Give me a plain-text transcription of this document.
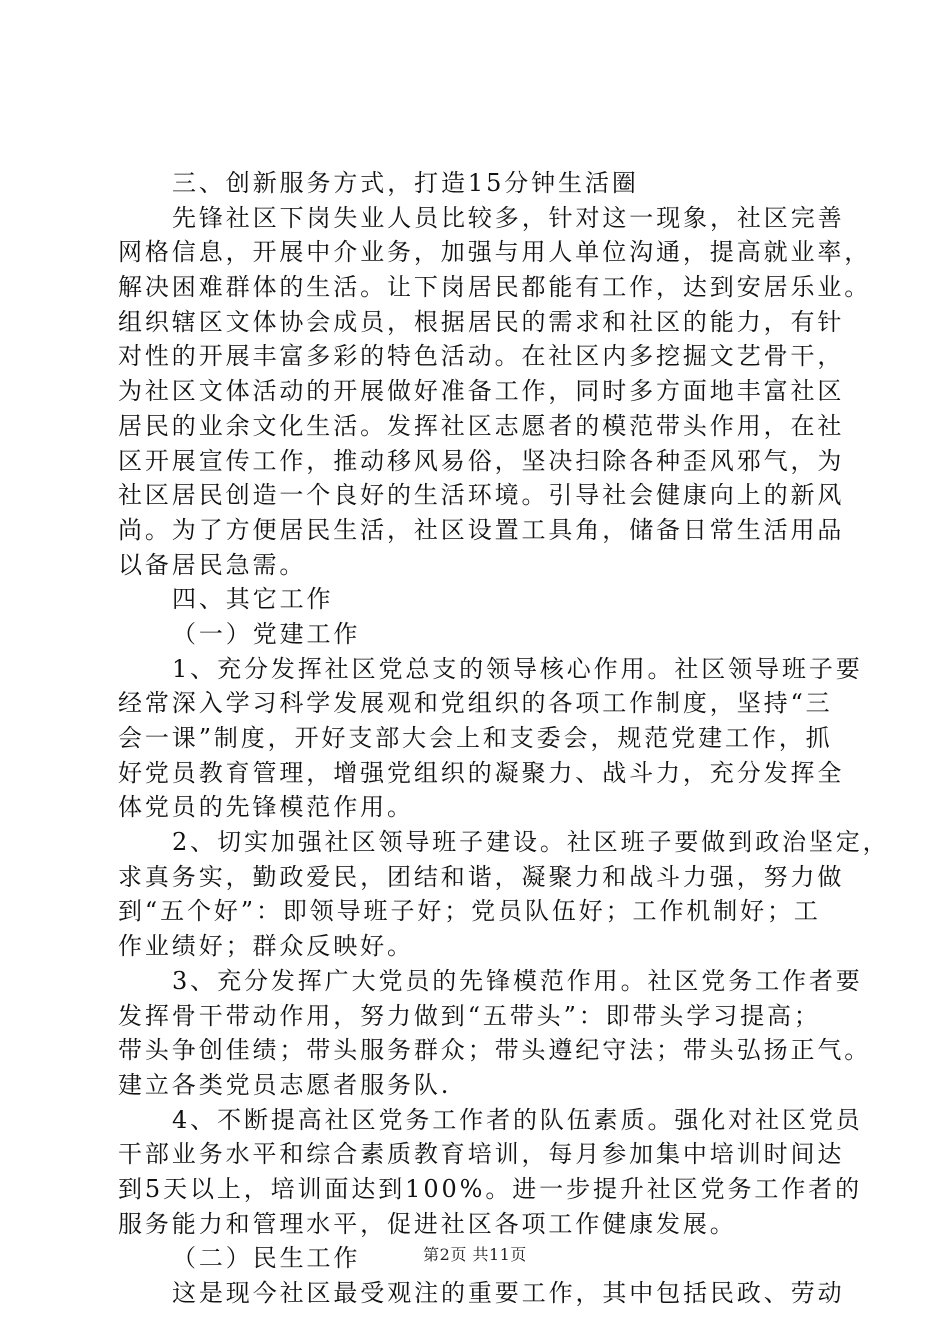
三、创新服务方式，打造15分钟生活圈
先锋社区下岗失业人员比较多，针对这一现象，社区完善
网格信息，开展中介业务，加强与用人单位沟通，提高就业率，
解决困难群体的生活。让下岗居民都能有工作，达到安居乐业。
组织辖区文体协会成员，根据居民的需求和社区的能力，有针
对性的开展丰富多彩的特色活动。在社区内多挖掘文艺骨干，
为社区文体活动的开展做好准备工作，同时多方面地丰富社区
居民的业余文化生活。发挥社区志愿者的模范带头作用，在社
区开展宣传工作，推动移风易俗，坚决扫除各种歪风邪气，为
社区居民创造一个良好的生活环境。引导社会健康向上的新风
尚。为了方便居民生活，社区设置工具角，储备日常生活用品
以备居民急需。
四、其它工作
（一）党建工作
1、充分发挥社区党总支的领导核心作用。社区领导班子要
经常深入学习科学发展观和党组织的各项工作制度，坚持“三
会一课”制度，开好支部大会上和支委会，规范党建工作，抓
好党员教育管理，增强党组织的凝聚力、战斗力，充分发挥全
体党员的先锋模范作用。
2、切实加强社区领导班子建设。社区班子要做到政治坚定，
求真务实，勤政爱民，团结和谐，凝聚力和战斗力强，努力做
到“五个好”：即领导班子好；党员队伍好；工作机制好；工
作业绩好；群众反映好。
3、充分发挥广大党员的先锋模范作用。社区党务工作者要
发挥骨干带动作用，努力做到“五带头”：即带头学习提高；
带头争创佳绩；带头服务群众；带头遵纪守法；带头弘扬正气。
建立各类党员志愿者服务队.
4、不断提高社区党务工作者的队伍素质。强化对社区党员
干部业务水平和综合素质教育培训，每月参加集中培训时间达
到5天以上，培训面达到100%。进一步提升社区党务工作者的
服务能力和管理水平，促进社区各项工作健康发展。
（二）民生工作
这是现今社区最受观注的重要工作，其中包括民政、劳动
第2页 共11页
